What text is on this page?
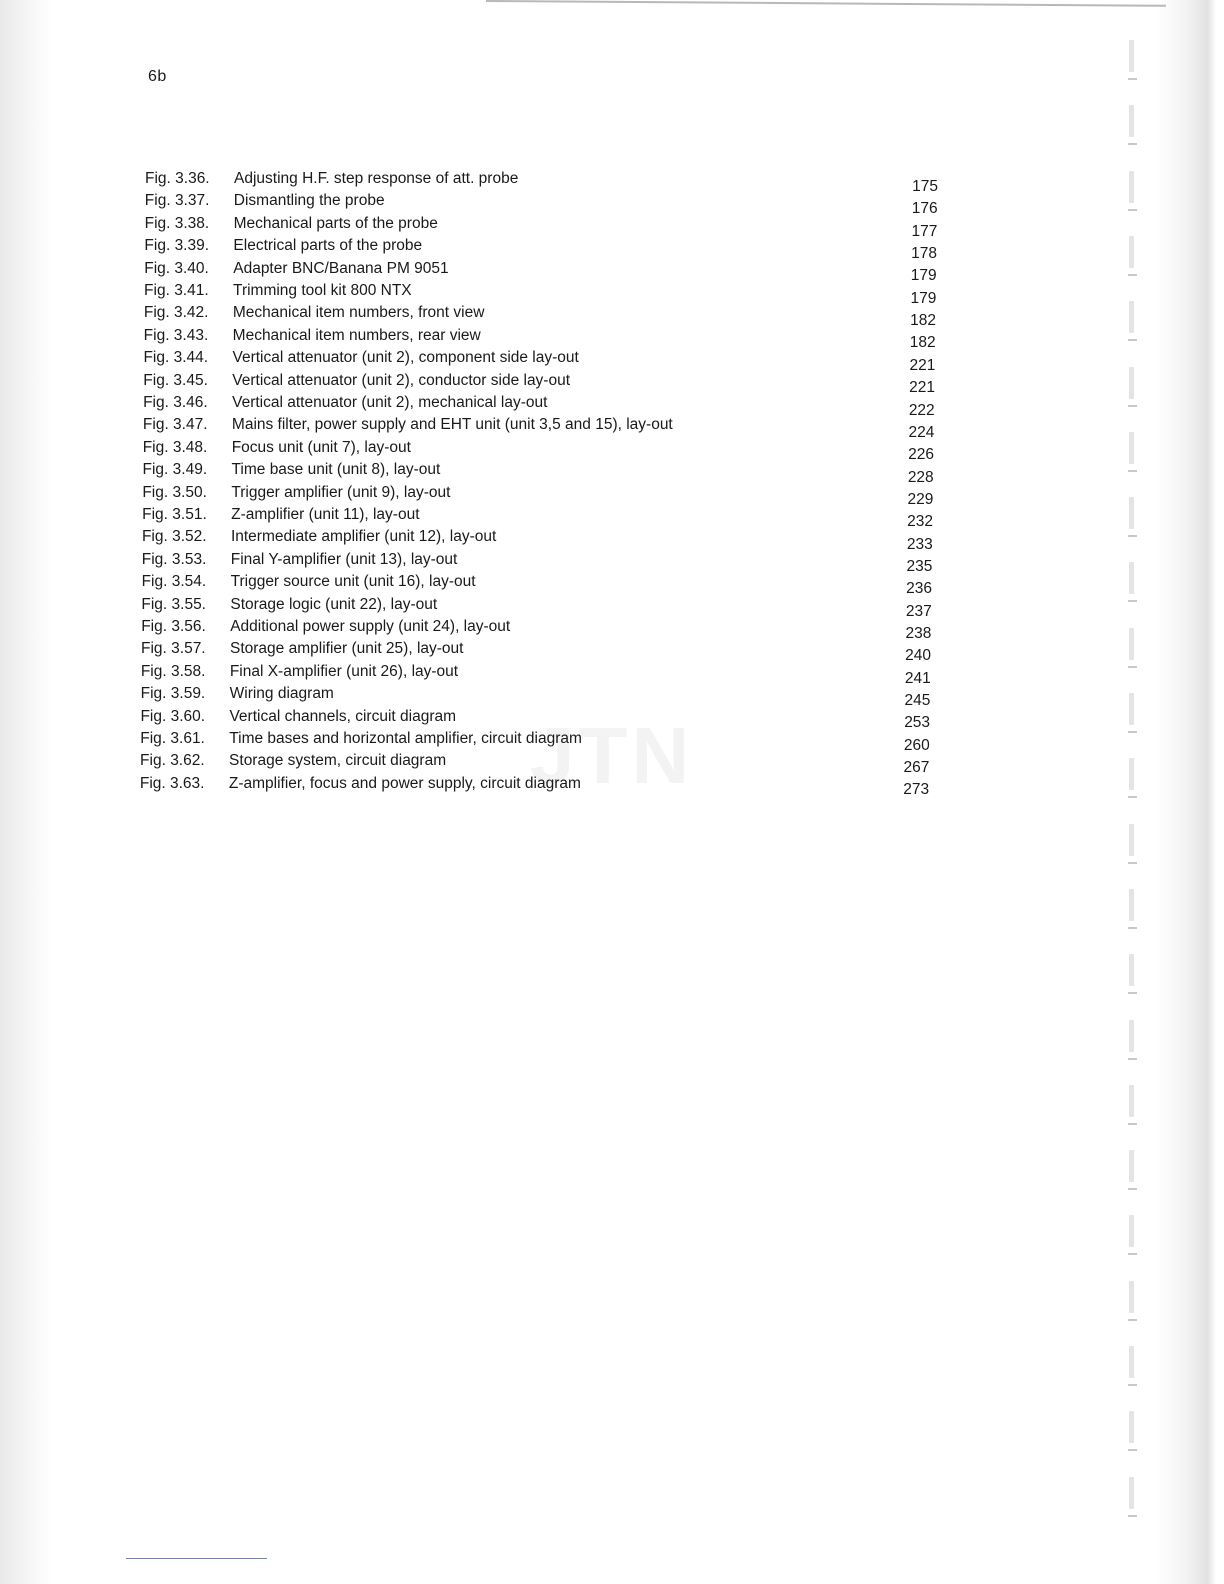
6b
JTN
Fig. 3.36.	Adjusting H.F. step response of att. probe	175
Fig. 3.37.	Dismantling the probe	176
Fig. 3.38.	Mechanical parts of the probe	177
Fig. 3.39.	Electrical parts of the probe	178
Fig. 3.40.	Adapter BNC/Banana PM 9051	179
Fig. 3.41.	Trimming tool kit 800 NTX	179
Fig. 3.42.	Mechanical item numbers, front view	182
Fig. 3.43.	Mechanical item numbers, rear view	182
Fig. 3.44.	Vertical attenuator (unit 2), component side lay-out	221
Fig. 3.45.	Vertical attenuator (unit 2), conductor side lay-out	221
Fig. 3.46.	Vertical attenuator (unit 2), mechanical lay-out	222
Fig. 3.47.	Mains filter, power supply and EHT unit (unit 3,5 and 15), lay-out	224
Fig. 3.48.	Focus unit (unit 7), lay-out	226
Fig. 3.49.	Time base unit (unit 8), lay-out	228
Fig. 3.50.	Trigger amplifier (unit 9), lay-out	229
Fig. 3.51.	Z-amplifier (unit 11), lay-out	232
Fig. 3.52.	Intermediate amplifier (unit 12), lay-out	233
Fig. 3.53.	Final Y-amplifier (unit 13), lay-out	235
Fig. 3.54.	Trigger source unit (unit 16), lay-out	236
Fig. 3.55.	Storage logic (unit 22), lay-out	237
Fig. 3.56.	Additional power supply (unit 24), lay-out	238
Fig. 3.57.	Storage amplifier (unit 25), lay-out	240
Fig. 3.58.	Final X-amplifier (unit 26), lay-out	241
Fig. 3.59.	Wiring diagram	245
Fig. 3.60.	Vertical channels, circuit diagram	253
Fig. 3.61.	Time bases and horizontal amplifier, circuit diagram	260
Fig. 3.62.	Storage system, circuit diagram	267
Fig. 3.63.	Z-amplifier, focus and power supply, circuit diagram	273
